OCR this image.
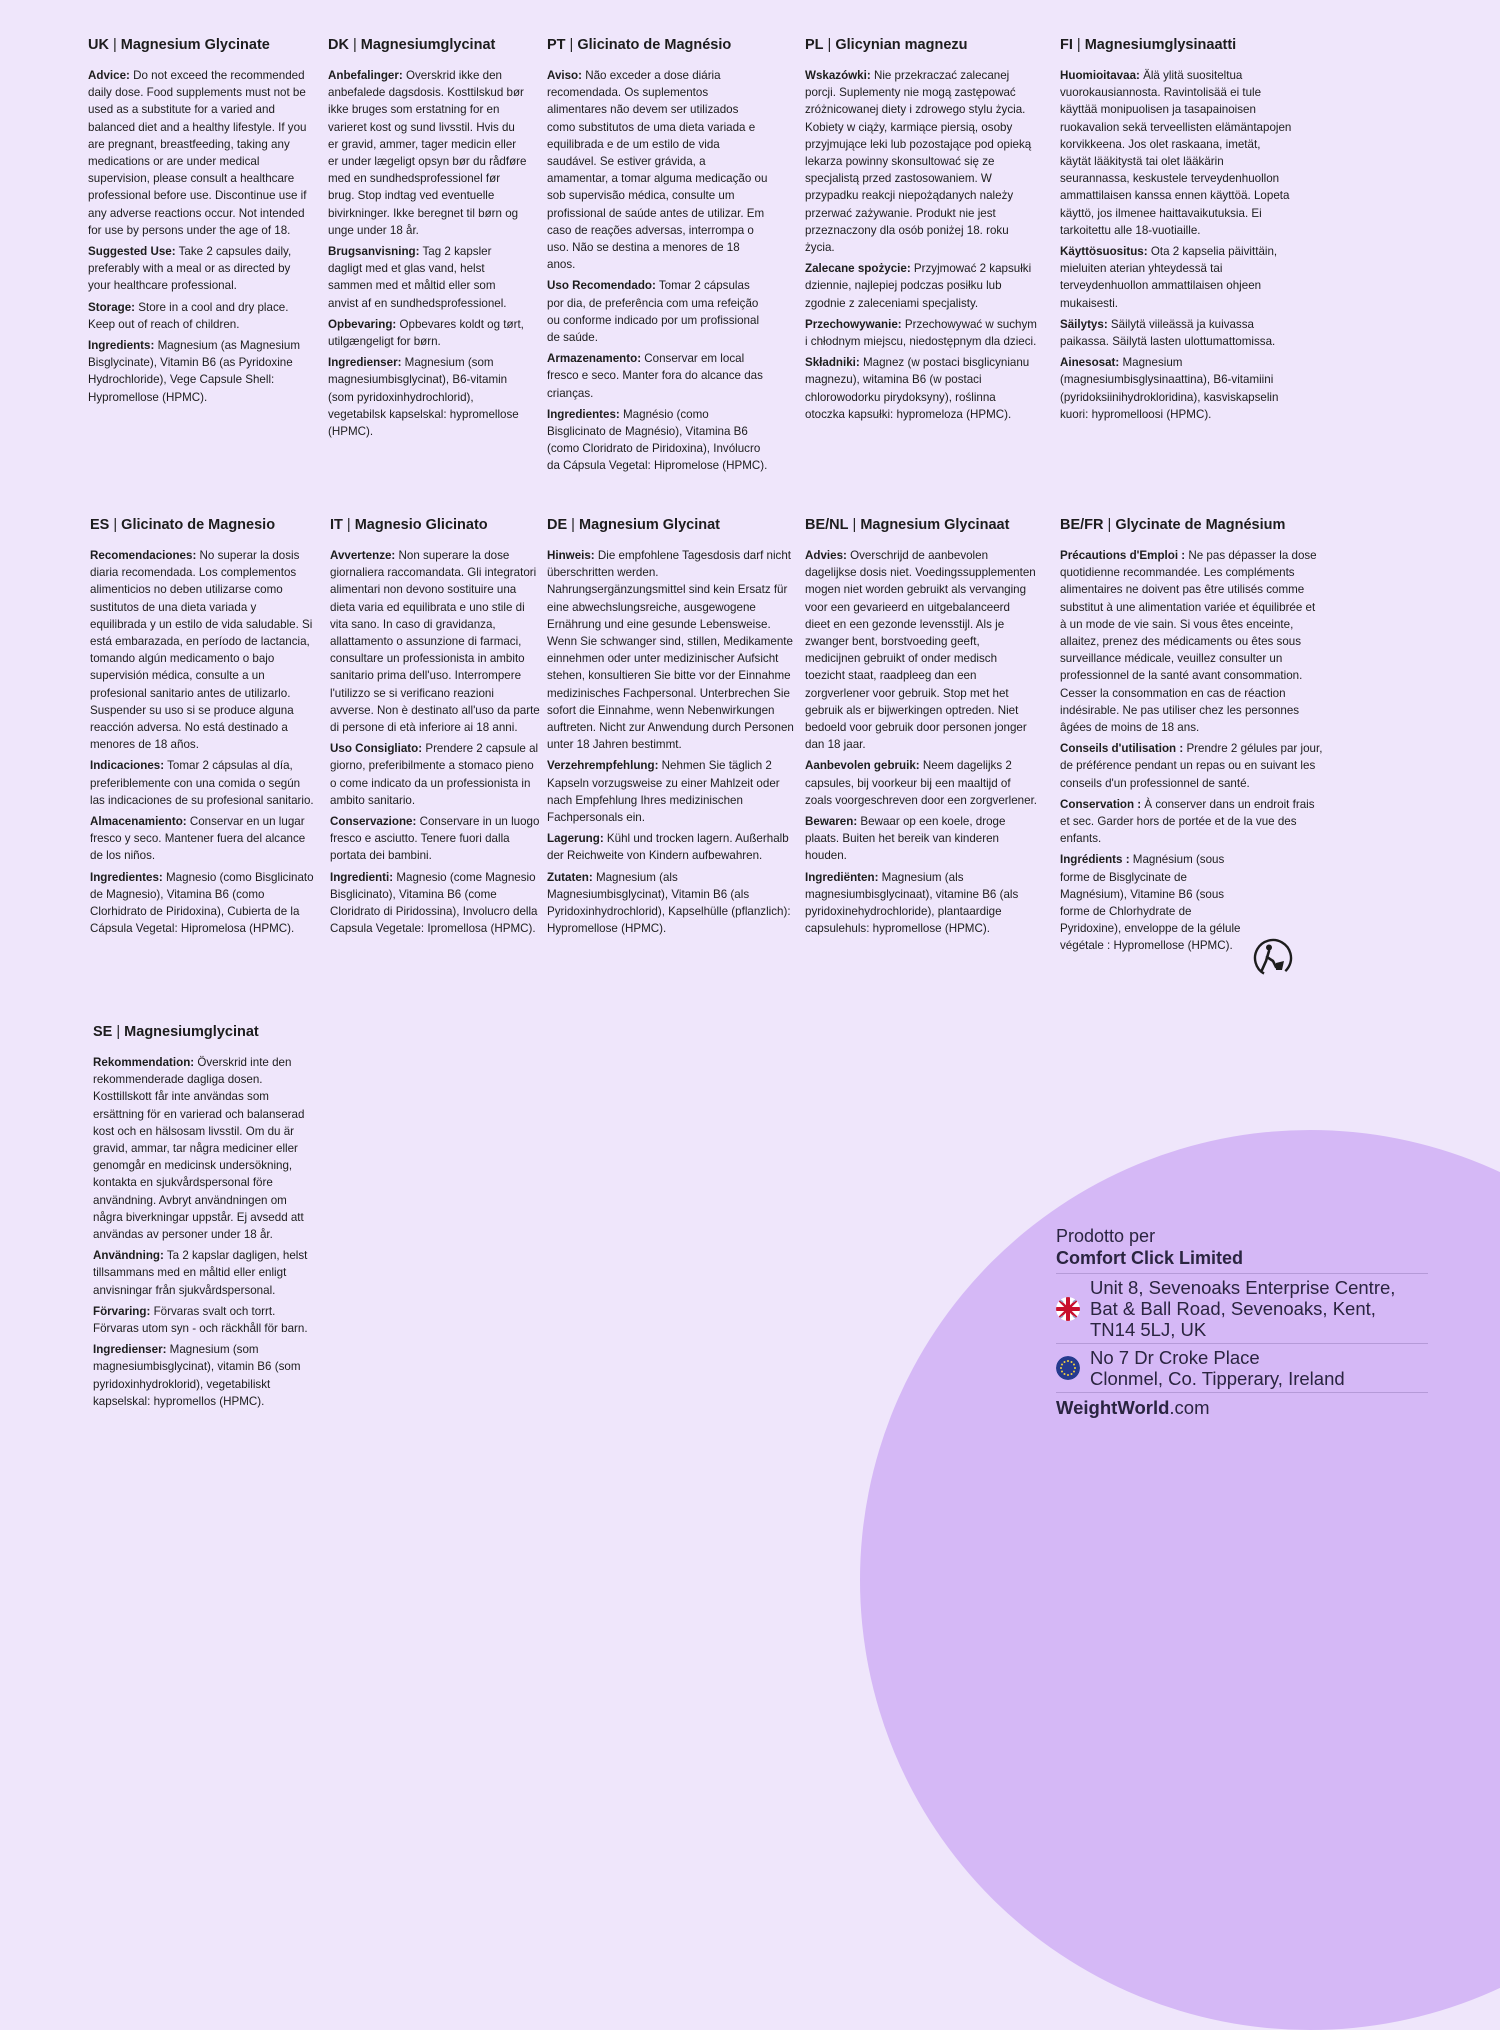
UK | Magnesium Glycinate
Advice: Do not exceed the recommended daily dose. Food supplements must not be used as a substitute for a varied and balanced diet and a healthy lifestyle. If you are pregnant, breastfeeding, taking any medications or are under medical supervision, please consult a healthcare professional before use. Discontinue use if any adverse reactions occur. Not intended for use by persons under the age of 18.
Suggested Use: Take 2 capsules daily, preferably with a meal or as directed by your healthcare professional.
Storage: Store in a cool and dry place. Keep out of reach of children.
Ingredients: Magnesium (as Magnesium Bisglycinate), Vitamin B6 (as Pyridoxine Hydrochloride), Vege Capsule Shell: Hypromellose (HPMC).
DK | Magnesiumglycinat
Anbefalinger: Overskrid ikke den anbefalede dagsdosis. Kosttilskud bør ikke bruges som erstatning for en varieret kost og sund livsstil. Hvis du er gravid, ammer, tager medicin eller er under lægeligt opsyn bør du rådføre med en sundhedsprofessionel før brug. Stop indtag ved eventuelle bivirkninger. Ikke beregnet til børn og unge under 18 år.
Brugsanvisning: Tag 2 kapsler dagligt med et glas vand, helst sammen med et måltid eller som anvist af en sundhedsprofessionel.
Opbevaring: Opbevares koldt og tørt, utilgængeligt for børn.
Ingredienser: Magnesium (som magnesiumbisglycinat), B6-vitamin (som pyridoxinhydrochlorid), vegetabilsk kapselskal: hypromellose (HPMC).
PT | Glicinato de Magnésio
Aviso: Não exceder a dose diária recomendada. Os suplementos alimentares não devem ser utilizados como substitutos de uma dieta variada e equilibrada e de um estilo de vida saudável. Se estiver grávida, a amamentar, a tomar alguma medicação ou sob supervisão médica, consulte um profissional de saúde antes de utilizar. Em caso de reações adversas, interrompa o uso. Não se destina a menores de 18 anos.
Uso Recomendado: Tomar 2 cápsulas por dia, de preferência com uma refeição ou conforme indicado por um profissional de saúde.
Armazenamento: Conservar em local fresco e seco. Manter fora do alcance das crianças.
Ingredientes: Magnésio (como Bisglicinato de Magnésio), Vitamina B6 (como Cloridrato de Piridoxina), Invólucro da Cápsula Vegetal: Hipromelose (HPMC).
PL | Glicynian magnezu
Wskazówki: Nie przekraczać zalecanej porcji. Suplementy nie mogą zastępować zróżnicowanej diety i zdrowego stylu życia. Kobiety w ciąży, karmiące piersią, osoby przyjmujące leki lub pozostające pod opieką lekarza powinny skonsultować się ze specjalistą przed zastosowaniem. W przypadku reakcji niepożądanych należy przerwać zażywanie. Produkt nie jest przeznaczony dla osób poniżej 18. roku życia.
Zalecane spożycie: Przyjmować 2 kapsułki dziennie, najlepiej podczas posiłku lub zgodnie z zaleceniami specjalisty.
Przechowywanie: Przechowywać w suchym i chłodnym miejscu, niedostępnym dla dzieci.
Składniki: Magnez (w postaci bisglicynianu magnezu), witamina B6 (w postaci chlorowodorku pirydoksyny), roślinna otoczka kapsułki: hypromeloza (HPMC).
FI | Magnesiumglysinaatti
Huomioitavaa: Älä ylitä suositeltua vuorokausiannosta. Ravintolisää ei tule käyttää monipuolisen ja tasapainoisen ruokavalion sekä terveellisten elämäntapojen korvikkeena. Jos olet raskaana, imetät, käytät lääkitystä tai olet lääkärin seurannassa, keskustele terveydenhuollon ammattilaisen kanssa ennen käyttöä. Lopeta käyttö, jos ilmenee haittavaikutuksia. Ei tarkoitettu alle 18-vuotiaille.
Käyttösuositus: Ota 2 kapselia päivittäin, mieluiten aterian yhteydessä tai terveydenhuollon ammattilaisen ohjeen mukaisesti.
Säilytys: Säilytä viileässä ja kuivassa paikassa. Säilytä lasten ulottumattomissa.
Ainesosat: Magnesium (magnesiumbisglysinaattina), B6-vitamiini (pyridoksiinihydrokloridina), kasviskapselin kuori: hypromelloosi (HPMC).
ES | Glicinato de Magnesio
Recomendaciones: No superar la dosis diaria recomendada. Los complementos alimenticios no deben utilizarse como sustitutos de una dieta variada y equilibrada y un estilo de vida saludable. Si está embarazada, en período de lactancia, tomando algún medicamento o bajo supervisión médica, consulte a un profesional sanitario antes de utilizarlo. Suspender su uso si se produce alguna reacción adversa. No está destinado a menores de 18 años.
Indicaciones: Tomar 2 cápsulas al día, preferiblemente con una comida o según las indicaciones de su profesional sanitario.
Almacenamiento: Conservar en un lugar fresco y seco. Mantener fuera del alcance de los niños.
Ingredientes: Magnesio (como Bisglicinato de Magnesio), Vitamina B6 (como Clorhidrato de Piridoxina), Cubierta de la Cápsula Vegetal: Hipromelosa (HPMC).
IT | Magnesio Glicinato
Avvertenze: Non superare la dose giornaliera raccomandata. Gli integratori alimentari non devono sostituire una dieta varia ed equilibrata e uno stile di vita sano. In caso di gravidanza, allattamento o assunzione di farmaci, consultare un professionista in ambito sanitario prima dell'uso. Interrompere l'utilizzo se si verificano reazioni avverse. Non è destinato all'uso da parte di persone di età inferiore ai 18 anni.
Uso Consigliato: Prendere 2 capsule al giorno, preferibilmente a stomaco pieno o come indicato da un professionista in ambito sanitario.
Conservazione: Conservare in un luogo fresco e asciutto. Tenere fuori dalla portata dei bambini.
Ingredienti: Magnesio (come Magnesio Bisglicinato), Vitamina B6 (come Cloridrato di Piridossina), Involucro della Capsula Vegetale: Ipromellosa (HPMC).
DE | Magnesium Glycinat
Hinweis: Die empfohlene Tagesdosis darf nicht überschritten werden. Nahrungsergänzungsmittel sind kein Ersatz für eine abwechslungsreiche, ausgewogene Ernährung und eine gesunde Lebensweise. Wenn Sie schwanger sind, stillen, Medikamente einnehmen oder unter medizinischer Aufsicht stehen, konsultieren Sie bitte vor der Einnahme medizinisches Fachpersonal. Unterbrechen Sie sofort die Einnahme, wenn Nebenwirkungen auftreten. Nicht zur Anwendung durch Personen unter 18 Jahren bestimmt.
Verzehrempfehlung: Nehmen Sie täglich 2 Kapseln vorzugsweise zu einer Mahlzeit oder nach Empfehlung Ihres medizinischen Fachpersonals ein.
Lagerung: Kühl und trocken lagern. Außerhalb der Reichweite von Kindern aufbewahren.
Zutaten: Magnesium (als Magnesiumbisglycinat), Vitamin B6 (als Pyridoxinhydrochlorid), Kapselhülle (pflanzlich): Hypromellose (HPMC).
BE/NL | Magnesium Glycinaat
Advies: Overschrijd de aanbevolen dagelijkse dosis niet. Voedingssupplementen mogen niet worden gebruikt als vervanging voor een gevarieerd en uitgebalanceerd dieet en een gezonde levensstijl. Als je zwanger bent, borstvoeding geeft, medicijnen gebruikt of onder medisch toezicht staat, raadpleeg dan een zorgverlener voor gebruik. Stop met het gebruik als er bijwerkingen optreden. Niet bedoeld voor gebruik door personen jonger dan 18 jaar.
Aanbevolen gebruik: Neem dagelijks 2 capsules, bij voorkeur bij een maaltijd of zoals voorgeschreven door een zorgverlener.
Bewaren: Bewaar op een koele, droge plaats. Buiten het bereik van kinderen houden.
Ingrediënten: Magnesium (als magnesiumbisglycinaat), vitamine B6 (als pyridoxinehydrochloride), plantaardige capsulehuls: hypromellose (HPMC).
BE/FR | Glycinate de Magnésium
Précautions d'Emploi : Ne pas dépasser la dose quotidienne recommandée. Les compléments alimentaires ne doivent pas être utilisés comme substitut à une alimentation variée et équilibrée et à un mode de vie sain. Si vous êtes enceinte, allaitez, prenez des médicaments ou êtes sous surveillance médicale, veuillez consulter un professionnel de la santé avant consommation. Cesser la consommation en cas de réaction indésirable. Ne pas utiliser chez les personnes âgées de moins de 18 ans.
Conseils d'utilisation : Prendre 2 gélules par jour, de préférence pendant un repas ou en suivant les conseils d'un professionnel de santé.
Conservation : À conserver dans un endroit frais et sec. Garder hors de portée et de la vue des enfants.
Ingrédients : Magnésium (sous forme de Bisglycinate de Magnésium), Vitamine B6 (sous forme de Chlorhydrate de Pyridoxine), enveloppe de la gélule végétale : Hypromellose (HPMC).
SE | Magnesiumglycinat
Rekommendation: Överskrid inte den rekommenderade dagliga dosen. Kosttillskott får inte användas som ersättning för en varierad och balanserad kost och en hälsosam livsstil. Om du är gravid, ammar, tar några mediciner eller genomgår en medicinsk undersökning, kontakta en sjukvårdspersonal före användning. Avbryt användningen om några biverkningar uppstår. Ej avsedd att användas av personer under 18 år.
Användning: Ta 2 kapslar dagligen, helst tillsammans med en måltid eller enligt anvisningar från sjukvårdspersonal.
Förvaring: Förvaras svalt och torrt. Förvaras utom syn - och räckhåll för barn.
Ingredienser: Magnesium (som magnesiumbisglycinat), vitamin B6 (som pyridoxinhydroklorid), vegetabiliskt kapselskal: hypromellos (HPMC).
Prodotto per
Comfort Click Limited
Unit 8, Sevenoaks Enterprise Centre,
Bat & Ball Road, Sevenoaks, Kent,
TN14 5LJ, UK
No 7 Dr Croke Place
Clonmel, Co. Tipperary, Ireland
WeightWorld.com
